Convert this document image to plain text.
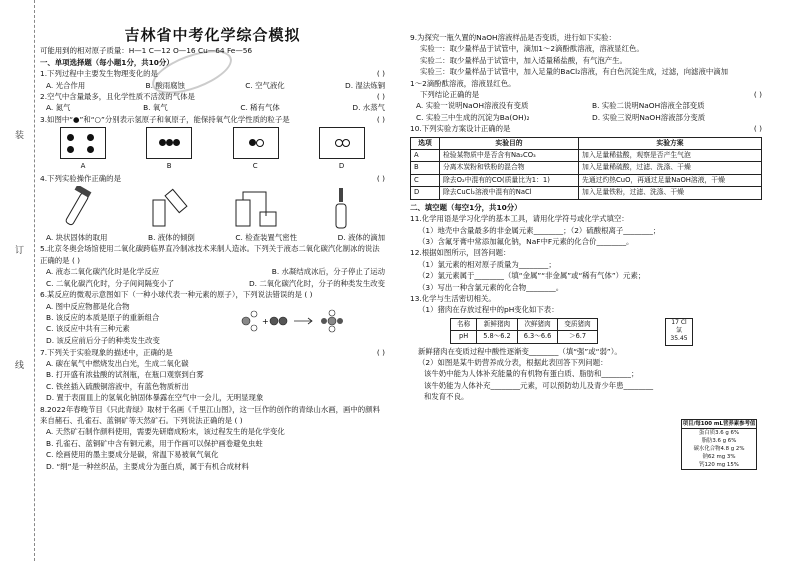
装
订
线
吉林省中考化学综合模拟
可能用到的相对原子质量：H—1 C—12 O—16 Cu—64 Fe—56
一、单项选择题（每小题1分，共10分）
1.下列过程中主要发生物理变化的是	( )
A. 光合作用	B. 酸雨腐蚀	C. 空气液化	D. 湿法炼铜
2.空气中含量最多，且化学性质不活泼的气体是	( )
A. 氮气	B. 氧气	C. 稀有气体	D. 水蒸气
3.如图中“●”和“○”分别表示氢原子和氧原子，能保持氧气化学性质的粒子是	( )
A	B	C	D
4.下列实验操作正确的是	( )
A. 块状固体的取用	B. 液体的倾倒	C. 检查装置气密性	D. 液体的滴加
5.北京冬奥会场馆使用二氧化碳跨临界直冷制冰技术来制人造冰。下列关于液态二氧化碳汽化制冰的说法正确的是 ( )
A. 液态二氧化碳汽化时是化学反应	B. 水凝结成冰后，分子停止了运动
C. 二氧化碳汽化时，分子间间隔变小了	D. 二氧化碳汽化时，分子的种类发生改变
6.某反应的微观示意图如下（一种小球代表一种元素的原子），下列说法错误的是 ( )
A. 图中反应物都是化合物
B. 该反应的本质是原子的重新组合
C. 该反应中共有三种元素
D. 该反应前后分子的种类发生改变
+
7.下列关于实验现象的描述中，正确的是	( )
A. 碳在氧气中燃烧发出白光，生成二氧化碳
B. 打开盛有浓盐酸的试剂瓶，在瓶口观察到白雾
C. 铁丝插入硫酸铜溶液中，有蓝色物质析出
D. 置于表面皿上的氢氧化钠固体暴露在空气中一会儿，无明显现象
8.2022年春晚节目《只此青绿》取材于名画《千里江山图》，这一巨作的创作的青绿山水画，画中的颜料来自赭石、孔雀石、蓝铜矿等天然矿石。下列说法正确的是 ( )
A. 天然矿石制作颜料使用，需要先研磨成粉末，该过程发生的是化学变化
B. 孔雀石、蓝铜矿中含有铜元素，用于作画可以保护画卷避免虫蛀
C. 绘画使用的墨主要成分是碳，常温下易被氧气氧化
D. “绢”是一种丝织品，主要成分为蛋白质，属于有机合成材料
9.为探究一瓶久置的NaOH溶液样品是否变质，进行如下实验：
实验一：取少量样品于试管中，滴加1～2滴酚酞溶液，溶液显红色。
实验二：取少量样品于试管中，加入适量稀盐酸，有气泡产生。
实验三：取少量样品于试管中，加入足量的BaCl₂溶液，有白色沉淀生成，过滤，向滤液中滴加
1～2滴酚酞溶液，溶液显红色。
下列结论正确的是	( )
A. 实验一说明NaOH溶液没有变质	B. 实验二说明NaOH溶液全部变质
C. 实验三中生成的沉淀为Ba(OH)₂	D. 实验三说明NaOH溶液部分变质
10.下列实验方案设计正确的是	( )
选项	实验目的	实验方案
A	检验某物质中是否含有Na₂CO₃	加入足量稀盐酸，观察是否产生气泡
B	分离木炭粉和铁粉的混合物	加入足量稀硫酸，过滤、洗涤、干燥
C	除去O₂中混有的CO(质量比为1：1)	先通过灼热CuO，再通过足量NaOH溶液，干燥
D	除去CuCl₂溶液中混有的NaCl	加入足量铁粉，过滤、洗涤、干燥
二、填空题（每空1分，共10分）
11.化学用语是学习化学的基本工具，请用化学符号或化学式填空：
（1）地壳中含量最多的非金属元素________；（2）硫酸根离子________；
（3）含氟牙膏中常添加氟化钠，NaF中F元素的化合价________。
12.根据如图所示，回答问题：
（1）氯元素的相对原子质量为________；
（2）氯元素属于________（填“金属”“非金属”或“稀有气体”）元素；
（3）写出一种含氯元素的化合物________。
13.化学与生活密切相关。
（1）猪肉在存放过程中的pH变化如下表：
名称	新鲜猪肉	次鲜猪肉	变质猪肉
pH	5.8～6.2	6.3～6.6	＞6.7
新鲜猪肉在变质过程中酸性逐渐变________（填“强”或“弱”）。
（2）如图是某牛奶营养成分表，根据此表回答下列问题：
该牛奶中能为人体补充能量的有机物有蛋白质、脂肪和________；
该牛奶能为人体补充________元素，可以预防幼儿及青少年患________
和发育不良。
17 Cl
氯
35.45
项目/每100 mL营养素参考值
蛋白质3.6 g 6%
脂肪3.6 g 6%
碳水化合物4.8 g 2%
钠62 mg 3%
钙120 mg 15%
